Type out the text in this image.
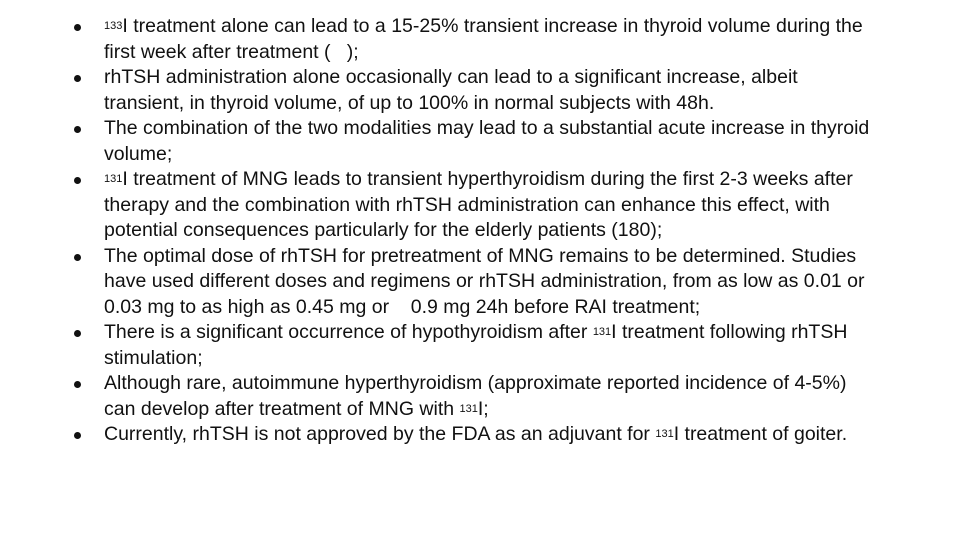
$^{133}$I treatment alone can lead to a 15-25% transient increase in thyroid volume during the first week after treatment ( );
rhTSH administration alone occasionally can lead to a significant increase, albeit transient, in thyroid volume, of up to 100% in normal subjects with 48h.
The combination of the two modalities may lead to a substantial acute increase in thyroid volume;
$^{131}$I treatment of MNG leads to transient hyperthyroidism during the first 2-3 weeks after therapy and the combination with rhTSH administration can enhance this effect, with potential consequences particularly for the elderly patients (180);
The optimal dose of rhTSH for pretreatment of MNG remains to be determined. Studies have used different doses and regimens or rhTSH administration, from as low as 0.01 or 0.03 mg to as high as 0.45 mg or 0.9 mg 24h before RAI treatment;
There is a significant occurrence of hypothyroidism after $^{131}$I treatment following rhTSH stimulation;
Although rare, autoimmune hyperthyroidism (approximate reported incidence of 4-5%) can develop after treatment of MNG with $^{131}$I;
Currently, rhTSH is not approved by the FDA as an adjuvant for $^{131}$I treatment of goiter.
